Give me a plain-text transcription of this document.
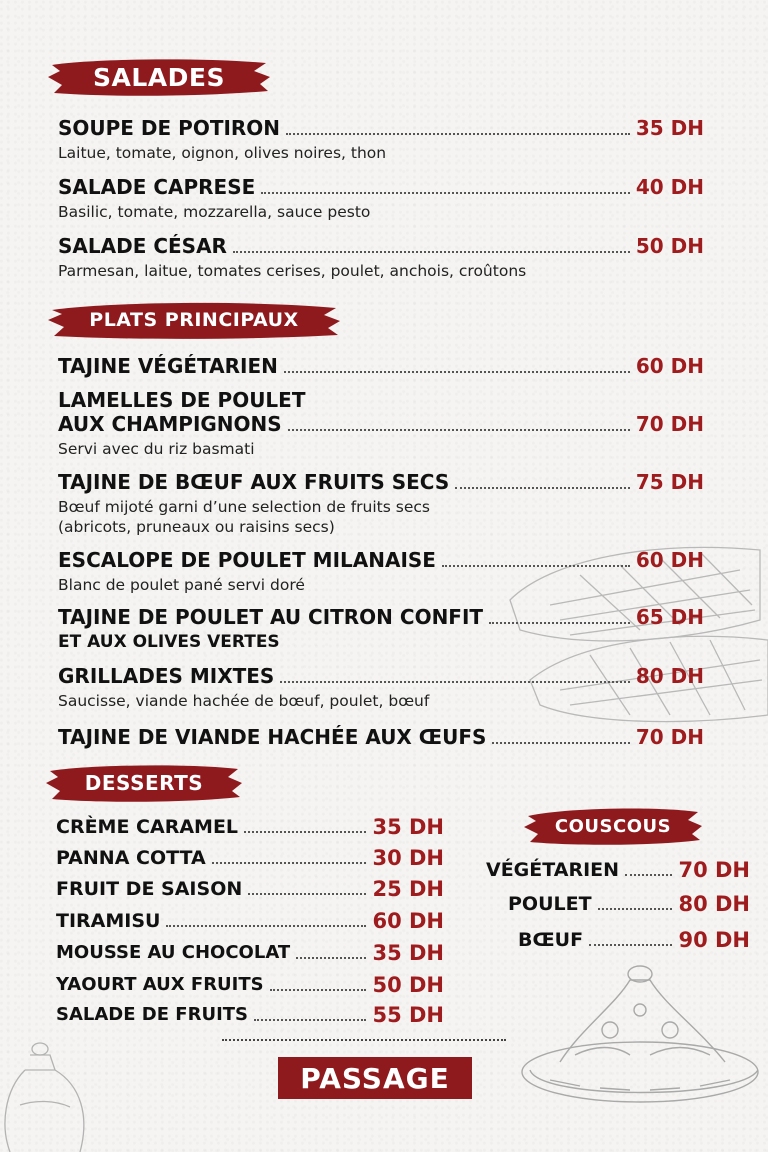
SALADES
SOUPE DE POTIRON	35 DH
Laitue, tomate, oignon, olives noires, thon
SALADE CAPRESE	40 DH
Basilic, tomate, mozzarella, sauce pesto
SALADE CÉSAR	50 DH
Parmesan, laitue, tomates cerises, poulet, anchois, croûtons
PLATS PRINCIPAUX
TAJINE VÉGÉTARIEN	60 DH
LAMELLES DE POULET
AUX CHAMPIGNONS	70 DH
Servi avec du riz basmati
TAJINE DE BŒUF AUX FRUITS SECS	75 DH
Bœuf mijoté garni d’une selection de fruits secs
(abricots, pruneaux ou raisins secs)
ESCALOPE DE POULET MILANAISE	60 DH
Blanc de poulet pané servi doré
TAJINE DE POULET AU CITRON CONFIT	65 DH
ET AUX OLIVES VERTES
GRILLADES MIXTES	80 DH
Saucisse, viande hachée de bœuf, poulet, bœuf
TAJINE DE VIANDE HACHÉE AUX ŒUFS	70 DH
DESSERTS
CRÈME CARAMEL	35 DH
PANNA COTTA	30 DH
FRUIT DE SAISON	25 DH
TIRAMISU	60 DH
MOUSSE AU CHOCOLAT	35 DH
YAOURT AUX FRUITS	50 DH
SALADE DE FRUITS	55 DH
COUSCOUS
VÉGÉTARIEN	70 DH
POULET	80 DH
BŒUF	90 DH
PASSAGE
